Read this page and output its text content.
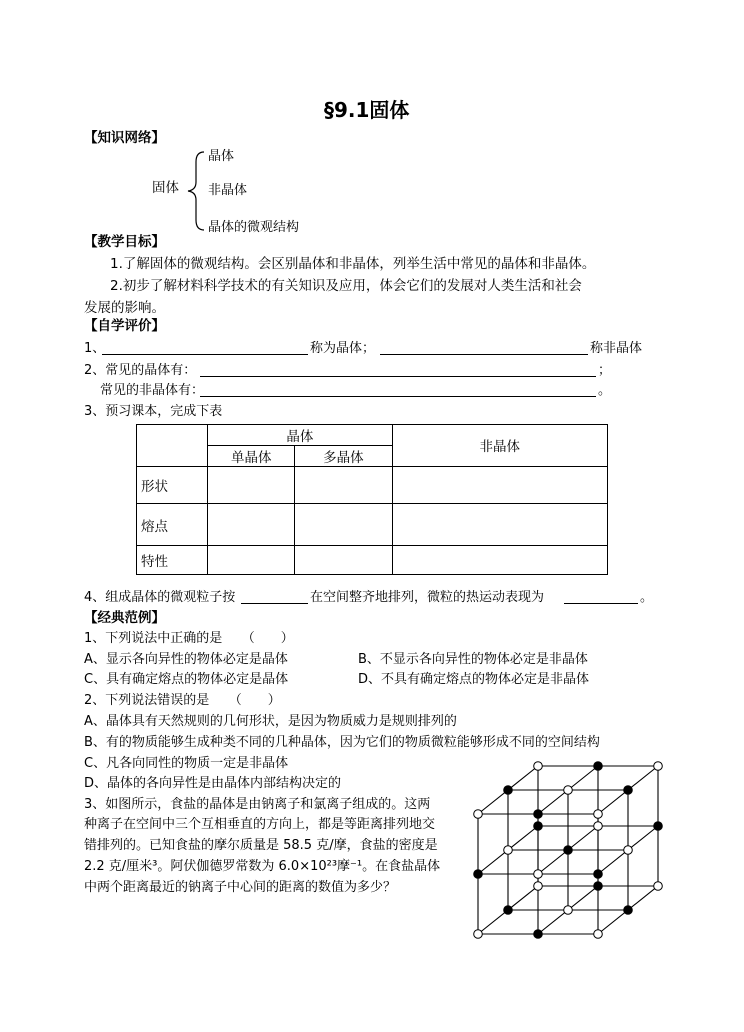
§9.1固体
【知识网络】
固体
晶体
非晶体
晶体的微观结构
【教学目标】
1.了解固体的微观结构。会区别晶体和非晶体，列举生活中常见的晶体和非晶体。
2.初步了解材料科学技术的有关知识及应用，体会它们的发展对人类生活和社会
发展的影响。
【自学评价】
1、	称为晶体；	称非晶体
2、常见的晶体有：	；
常见的非晶体有：	。
3、预习课本，完成下表
	晶体		非晶体
	单晶体	多晶体	
形状			
熔点			
特性			
4、组成晶体的微观粒子按	在空间整齐地排列，微粒的热运动表现为	。
【经典范例】
1、下列说法中正确的是　　（　　）
A、显示各向异性的物体必定是晶体	B、不显示各向异性的物体必定是非晶体
C、具有确定熔点的物体必定是晶体	D、不具有确定熔点的物体必定是非晶体
2、下列说法错误的是　　（　　）
A、晶体具有天然规则的几何形状，是因为物质威力是规则排列的
B、有的物质能够生成种类不同的几种晶体，因为它们的物质微粒能够形成不同的空间结构
C、凡各向同性的物质一定是非晶体
D、晶体的各向异性是由晶体内部结构决定的
3、如图所示，食盐的晶体是由钠离子和氯离子组成的。这两
种离子在空间中三个互相垂直的方向上，都是等距离排列地交
错排列的。已知食盐的摩尔质量是 58.5 克/摩，食盐的密度是
2.2 克/厘米³。阿伏伽德罗常数为 6.0×10²³摩⁻¹。在食盐晶体
中两个距离最近的钠离子中心间的距离的数值为多少？
